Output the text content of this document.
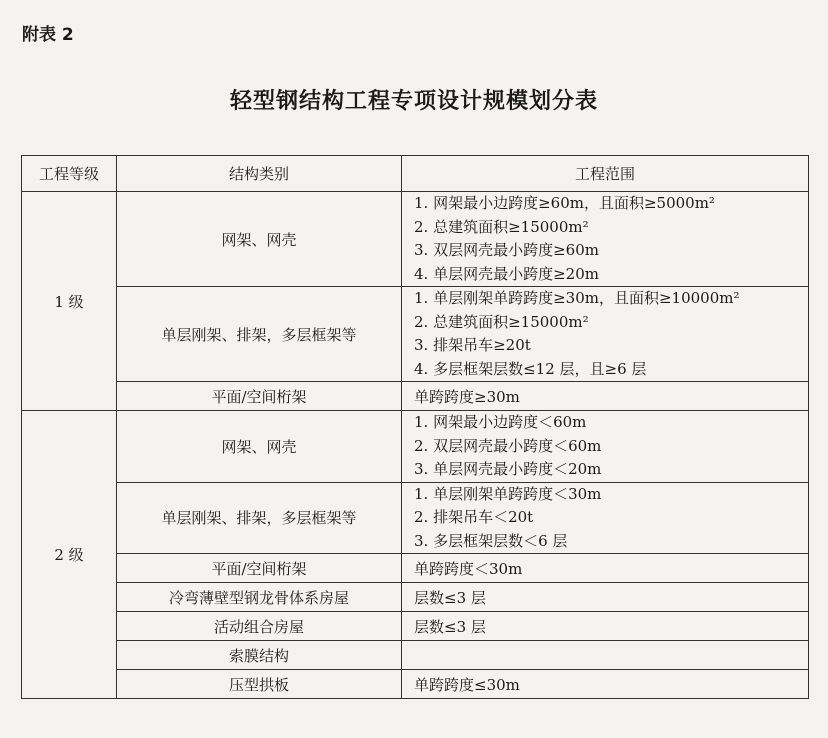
附表 2
轻型钢结构工程专项设计规模划分表
工程等级	结构类别	工程范围
1 级	网架、网壳	1. 网架最小边跨度≥60m，且面积≥5000m²
2. 总建筑面积≥15000m²
3. 双层网壳最小跨度≥60m
4. 单层网壳最小跨度≥20m

	单层刚架、排架，多层框架等	1. 单层刚架单跨跨度≥30m，且面积≥10000m²
2. 总建筑面积≥15000m²
3. 排架吊车≥20t
4. 多层框架层数≤12 层，且≥6 层

	平面/空间桁架	单跨跨度≥30m
2 级	网架、网壳	1. 网架最小边跨度＜60m
2. 双层网壳最小跨度＜60m
3. 单层网壳最小跨度＜20m

	单层刚架、排架，多层框架等	1. 单层刚架单跨跨度＜30m
2. 排架吊车＜20t
3. 多层框架层数＜6 层

	平面/空间桁架	单跨跨度＜30m
	冷弯薄壁型钢龙骨体系房屋	层数≤3 层
	活动组合房屋	层数≤3 层
	索膜结构	
	压型拱板	单跨跨度≤30m
